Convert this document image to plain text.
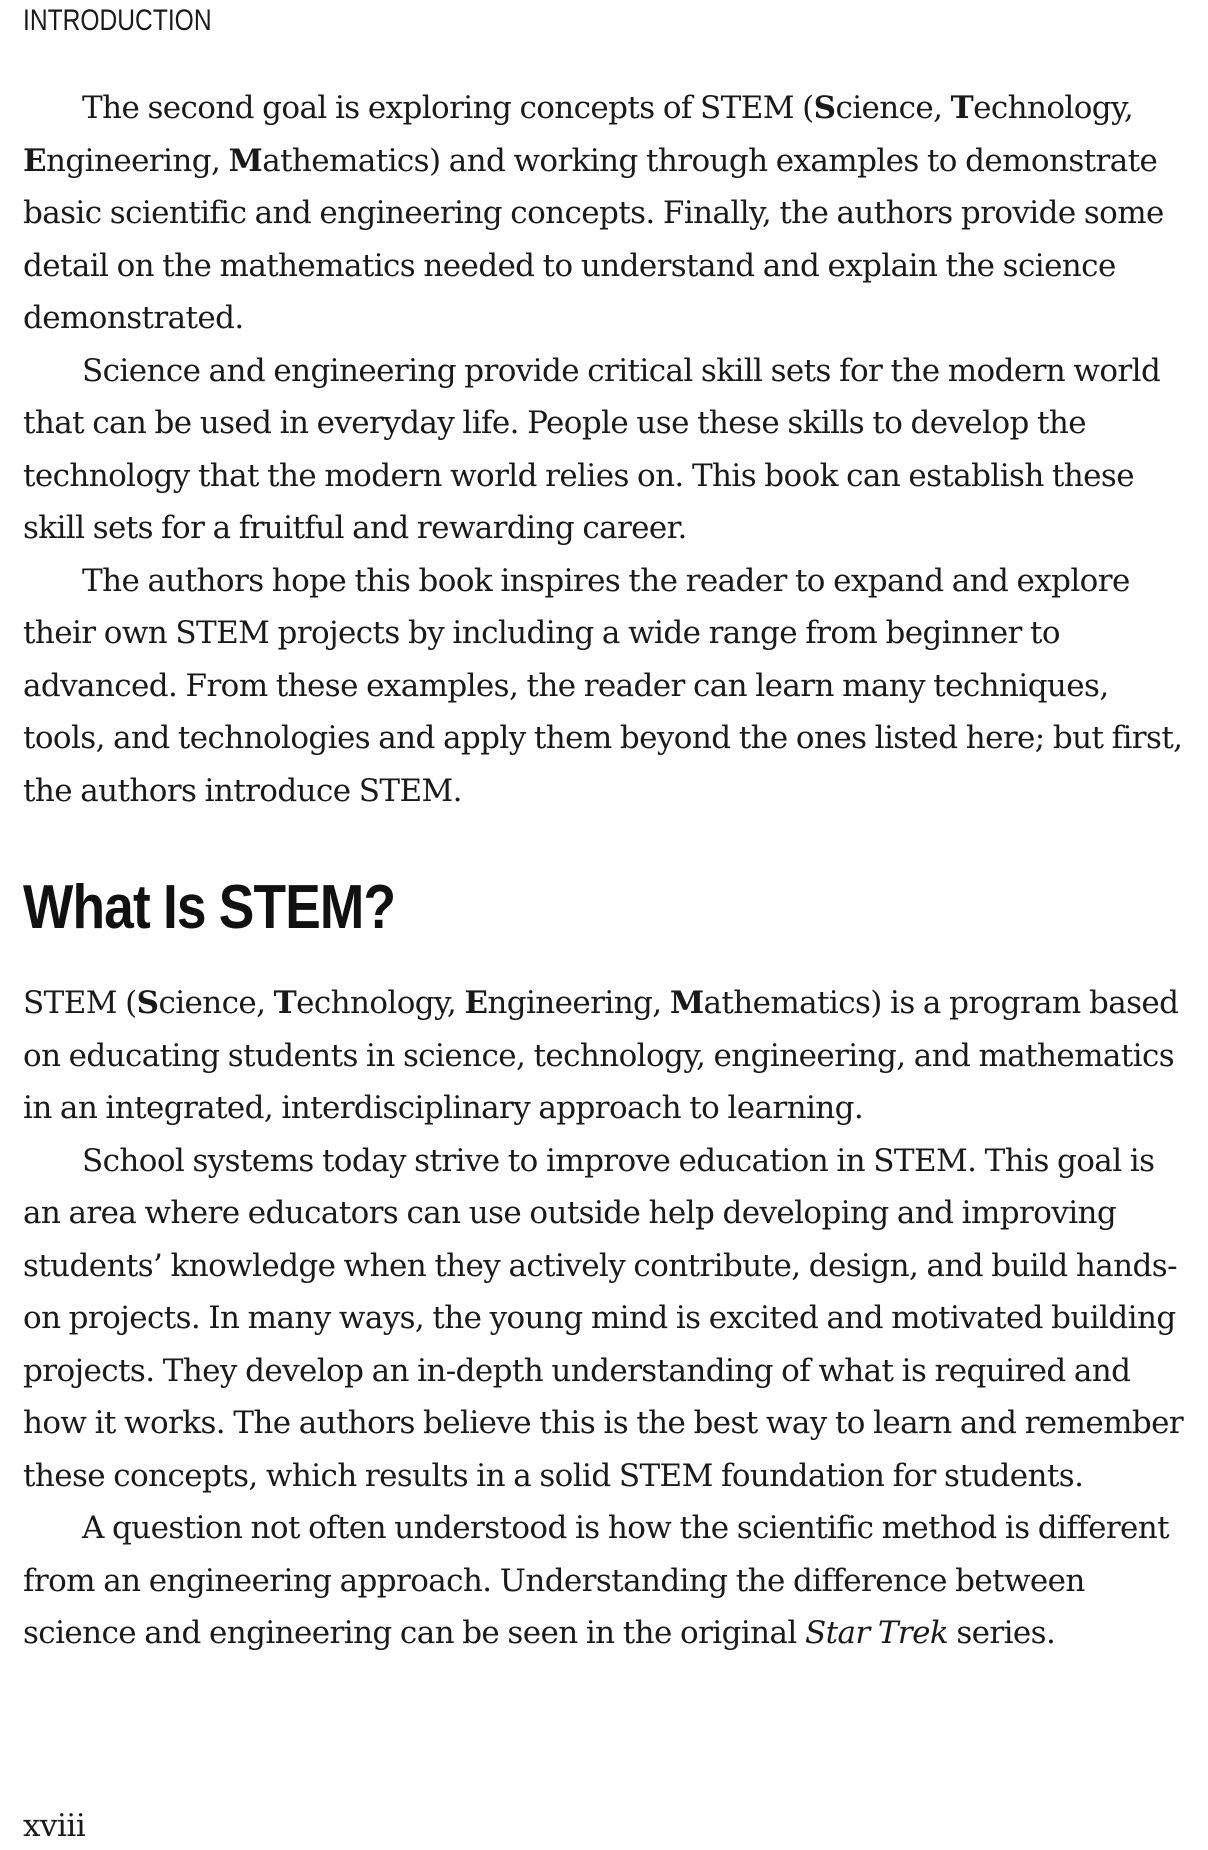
INTRODUCTION

The second goal is exploring concepts of STEM (Science, Technology, Engineering, Mathematics) and working through examples to demonstrate basic scientific and engineering concepts. Finally, the authors provide some detail on the mathematics needed to understand and explain the science demonstrated.

Science and engineering provide critical skill sets for the modern world that can be used in everyday life. People use these skills to develop the technology that the modern world relies on. This book can establish these skill sets for a fruitful and rewarding career.

The authors hope this book inspires the reader to expand and explore their own STEM projects by including a wide range from beginner to advanced. From these examples, the reader can learn many techniques, tools, and technologies and apply them beyond the ones listed here; but first, the authors introduce STEM.

What Is STEM?

STEM (Science, Technology, Engineering, Mathematics) is a program based on educating students in science, technology, engineering, and mathematics in an integrated, interdisciplinary approach to learning.

School systems today strive to improve education in STEM. This goal is an area where educators can use outside help developing and improving students’ knowledge when they actively contribute, design, and build hands-on projects. In many ways, the young mind is excited and motivated building projects. They develop an in-depth understanding of what is required and how it works. The authors believe this is the best way to learn and remember these concepts, which results in a solid STEM foundation for students.

A question not often understood is how the scientific method is different from an engineering approach. Understanding the difference between science and engineering can be seen in the original Star Trek series.

xviii
